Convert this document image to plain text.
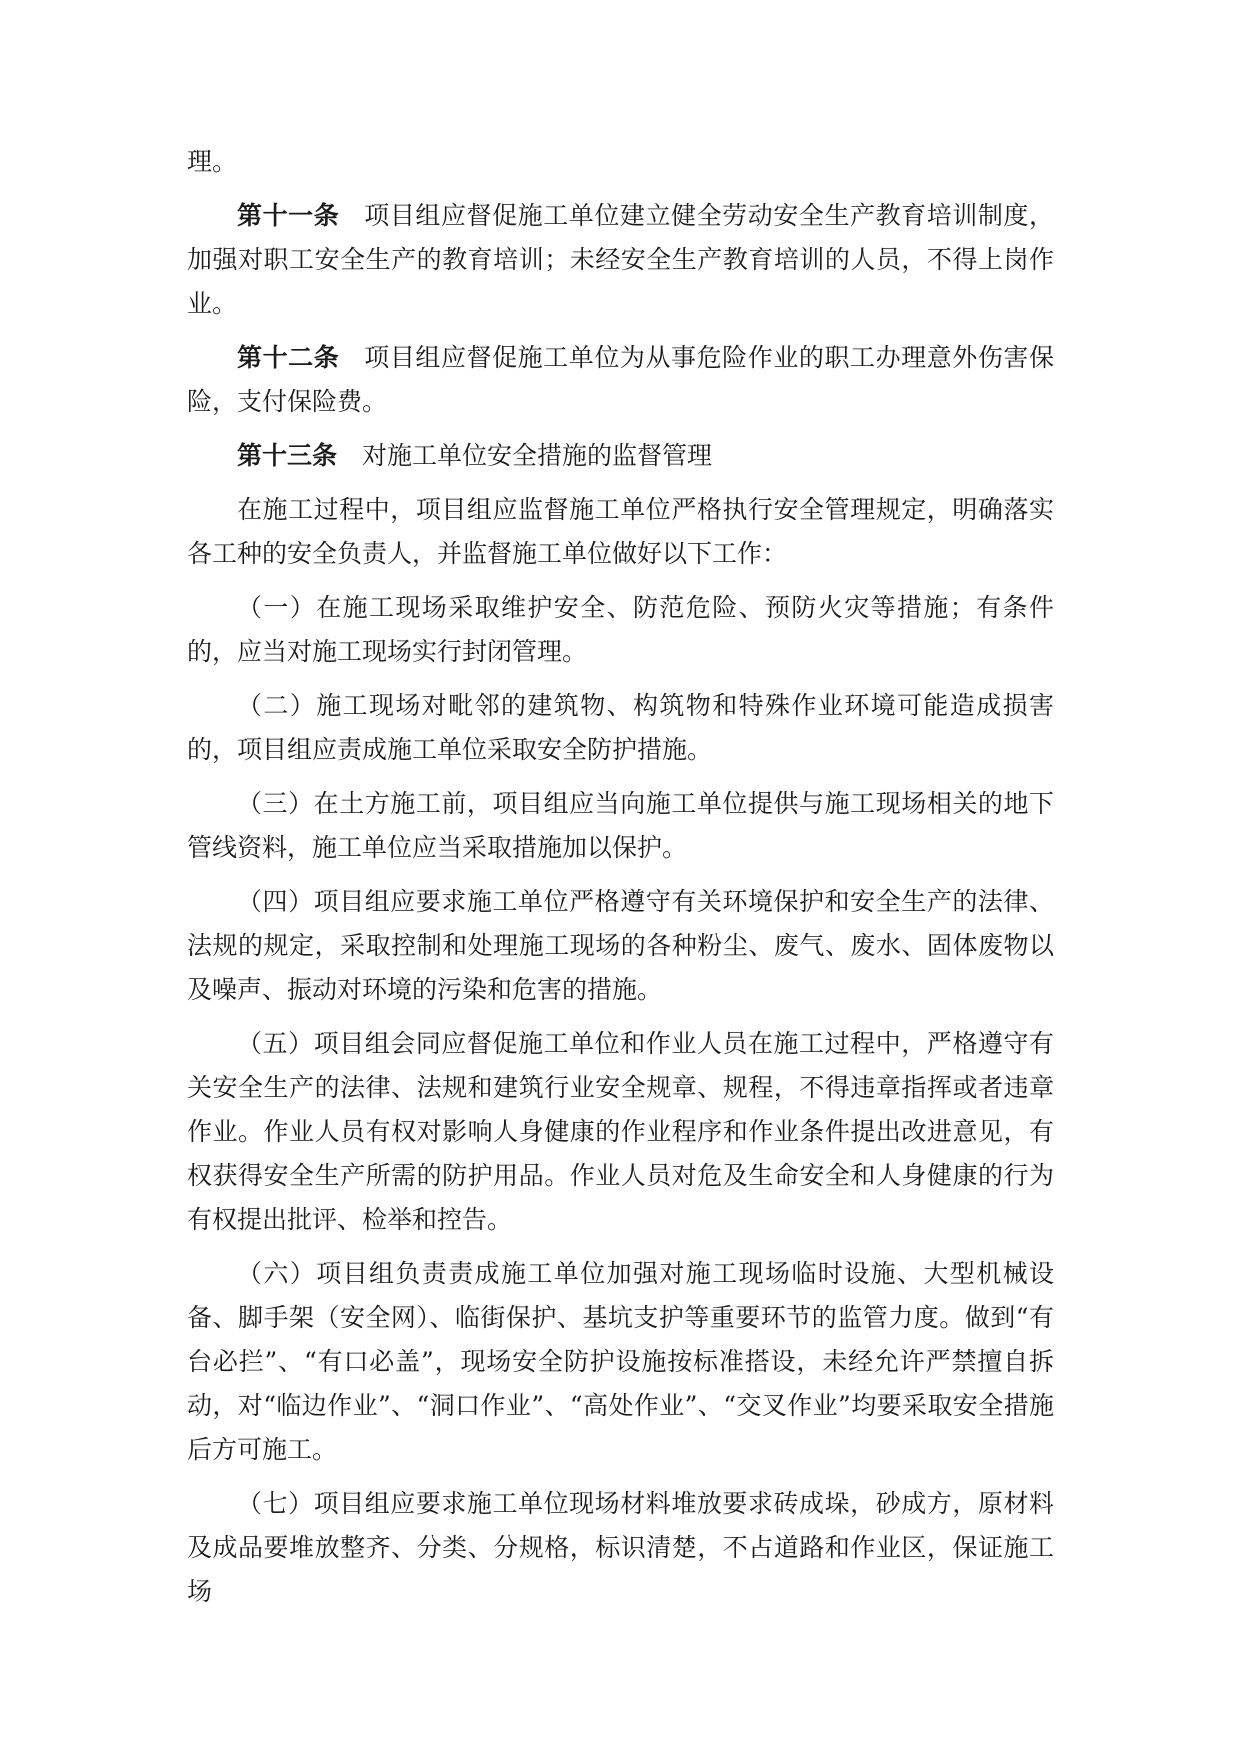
理。

第十一条 项目组应督促施工单位建立健全劳动安全生产教育培训制度，加强对职工安全生产的教育培训；未经安全生产教育培训的人员，不得上岗作业。

第十二条 项目组应督促施工单位为从事危险作业的职工办理意外伤害保险，支付保险费。

第十三条 对施工单位安全措施的监督管理

在施工过程中，项目组应监督施工单位严格执行安全管理规定，明确落实各工种的安全负责人，并监督施工单位做好以下工作：

（一）在施工现场采取维护安全、防范危险、预防火灾等措施；有条件的，应当对施工现场实行封闭管理。

（二）施工现场对毗邻的建筑物、构筑物和特殊作业环境可能造成损害的，项目组应责成施工单位采取安全防护措施。

（三）在土方施工前，项目组应当向施工单位提供与施工现场相关的地下管线资料，施工单位应当采取措施加以保护。

（四）项目组应要求施工单位严格遵守有关环境保护和安全生产的法律、法规的规定，采取控制和处理施工现场的各种粉尘、废气、废水、固体废物以及噪声、振动对环境的污染和危害的措施。

（五）项目组会同应督促施工单位和作业人员在施工过程中，严格遵守有关安全生产的法律、法规和建筑行业安全规章、规程，不得违章指挥或者违章作业。作业人员有权对影响人身健康的作业程序和作业条件提出改进意见，有权获得安全生产所需的防护用品。作业人员对危及生命安全和人身健康的行为有权提出批评、检举和控告。

（六）项目组负责责成施工单位加强对施工现场临时设施、大型机械设备、脚手架（安全网）、临街保护、基坑支护等重要环节的监管力度。做到“有台必拦”、“有口必盖”，现场安全防护设施按标准搭设，未经允许严禁擅自拆动，对“临边作业”、“洞口作业”、“高处作业”、“交叉作业”均要采取安全措施后方可施工。

（七）项目组应要求施工单位现场材料堆放要求砖成垛，砂成方，原材料及成品要堆放整齐、分类、分规格，标识清楚，不占道路和作业区，保证施工场
